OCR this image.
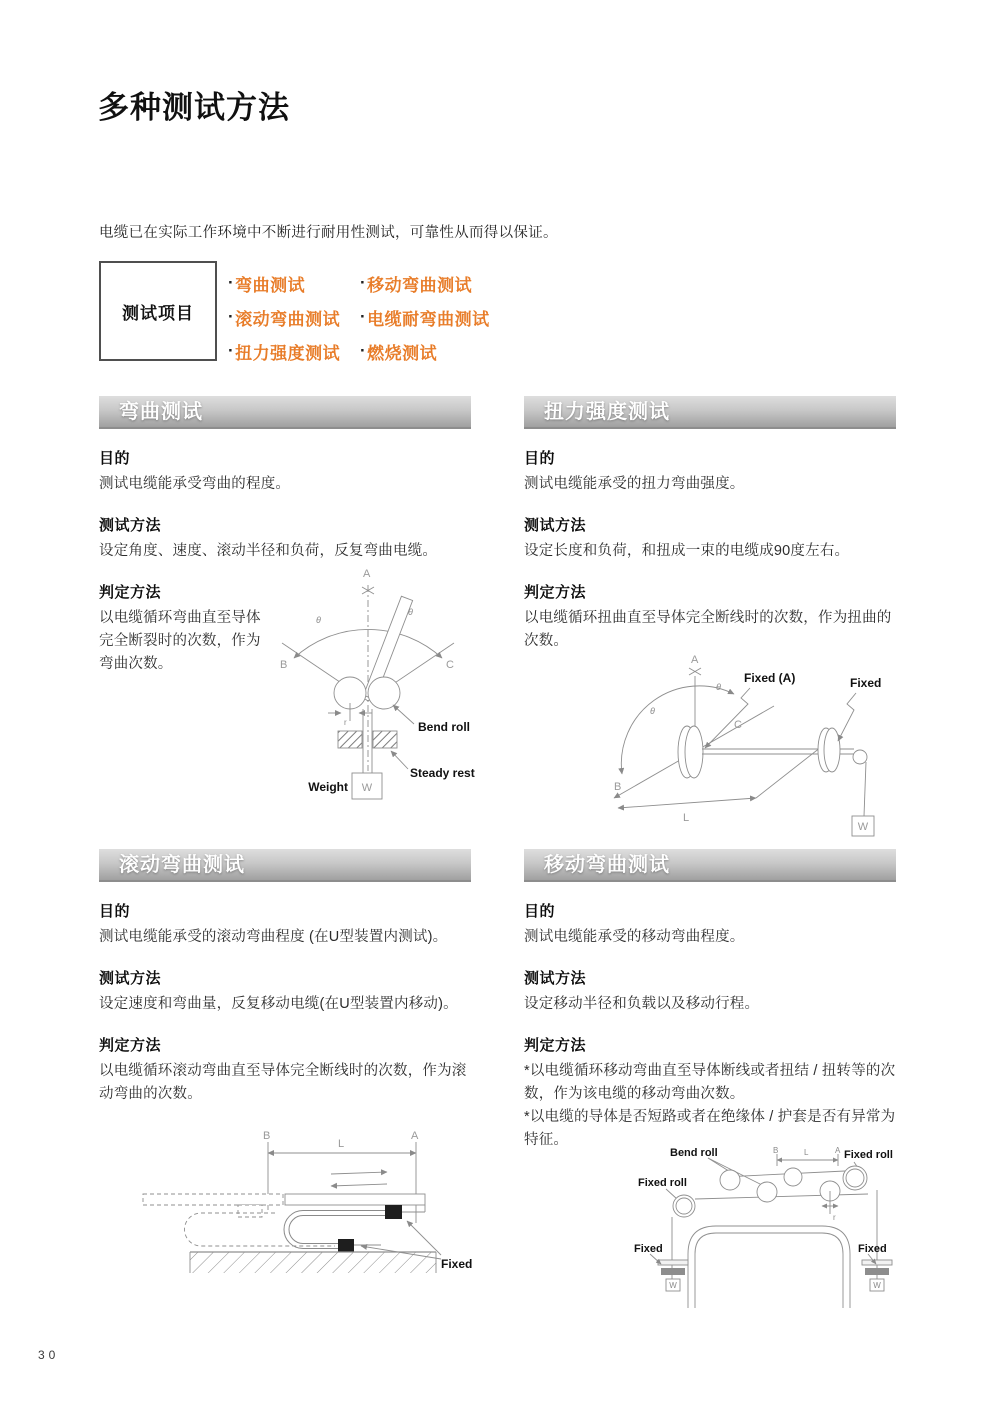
多种测试方法

电缆已在实际工作环境中不断进行耐用性测试，可靠性从而得以保证。

测试项目
· 弯曲测试
· 滚动弯曲测试
· 扭力强度测试
· 移动弯曲测试
· 电缆耐弯曲测试
· 燃烧测试
弯曲测试
目的

测试电缆能承受弯曲的程度。

测试方法

设定角度、速度、滚动半径和负荷，反复弯曲电缆。

判定方法

以电缆循环弯曲直至导体完全断裂时的次数，作为弯曲次数。

A
B	C
θ
θ
r
W
Weight
Bend roll
Steady rest
扭力强度测试
目的

测试电缆能承受的扭力弯曲强度。

测试方法

设定长度和负荷，和扭成一束的电缆成90度左右。

判定方法

以电缆循环扭曲直至导体完全断线时的次数，作为扭曲的次数。

A
B
C
θ
θ
L
W
Fixed (A)	Fixed
滚动弯曲测试
目的

测试电缆能承受的滚动弯曲程度 (在U型装置内测试)。

测试方法

设定速度和弯曲量，反复移动电缆(在U型装置内移动)。

判定方法

以电缆循环滚动弯曲直至导体完全断线时的次数，作为滚动弯曲的次数。

B	A
L
Fixed
移动弯曲测试
目的

测试电缆能承受的移动弯曲程度。

测试方法

设定移动半径和负载以及移动行程。

判定方法

*以电缆循环移动弯曲直至导体断线或者扭结 / 扭转等的次数，作为该电缆的移动弯曲次数。

*以电缆的导体是否短路或者在绝缘体 / 护套是否有异常为特征。

Bend roll	Fixed roll
Fixed roll
B	A
L
r
W	W
Fixed	Fixed
30
